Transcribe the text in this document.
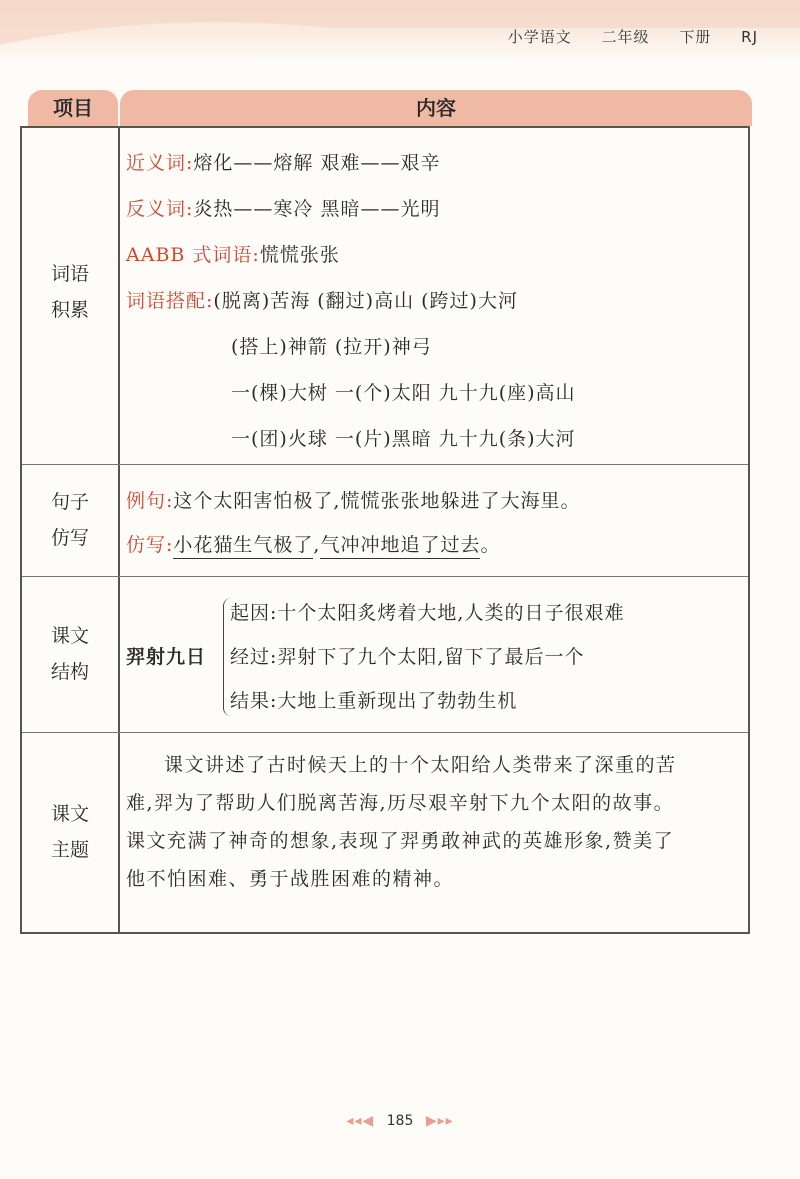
小学语文 二年级 下册 RJ
项目	内容
词语
积累
近义词:熔化——熔解 艰难——艰辛
反义词:炎热——寒冷 黑暗——光明
AABB 式词语:慌慌张张
词语搭配:(脱离)苦海 (翻过)高山 (跨过)大河
(搭上)神箭 (拉开)神弓
一(棵)大树 一(个)太阳 九十九(座)高山
一(团)火球 一(片)黑暗 九十九(条)大河
句子
仿写
例句:这个太阳害怕极了,慌慌张张地躲进了大海里。
仿写:小花猫生气极了,气冲冲地追了过去。
课文
结构
羿射九日
起因:十个太阳炙烤着大地,人类的日子很艰难
经过:羿射下了九个太阳,留下了最后一个
结果:大地上重新现出了勃勃生机
课文
主题
课文讲述了古时候天上的十个太阳给人类带来了深重的苦
难,羿为了帮助人们脱离苦海,历尽艰辛射下九个太阳的故事。
课文充满了神奇的想象,表现了羿勇敢神武的英雄形象,赞美了
他不怕困难、勇于战胜困难的精神。
◂◂◀ 185 ▶▸▸
